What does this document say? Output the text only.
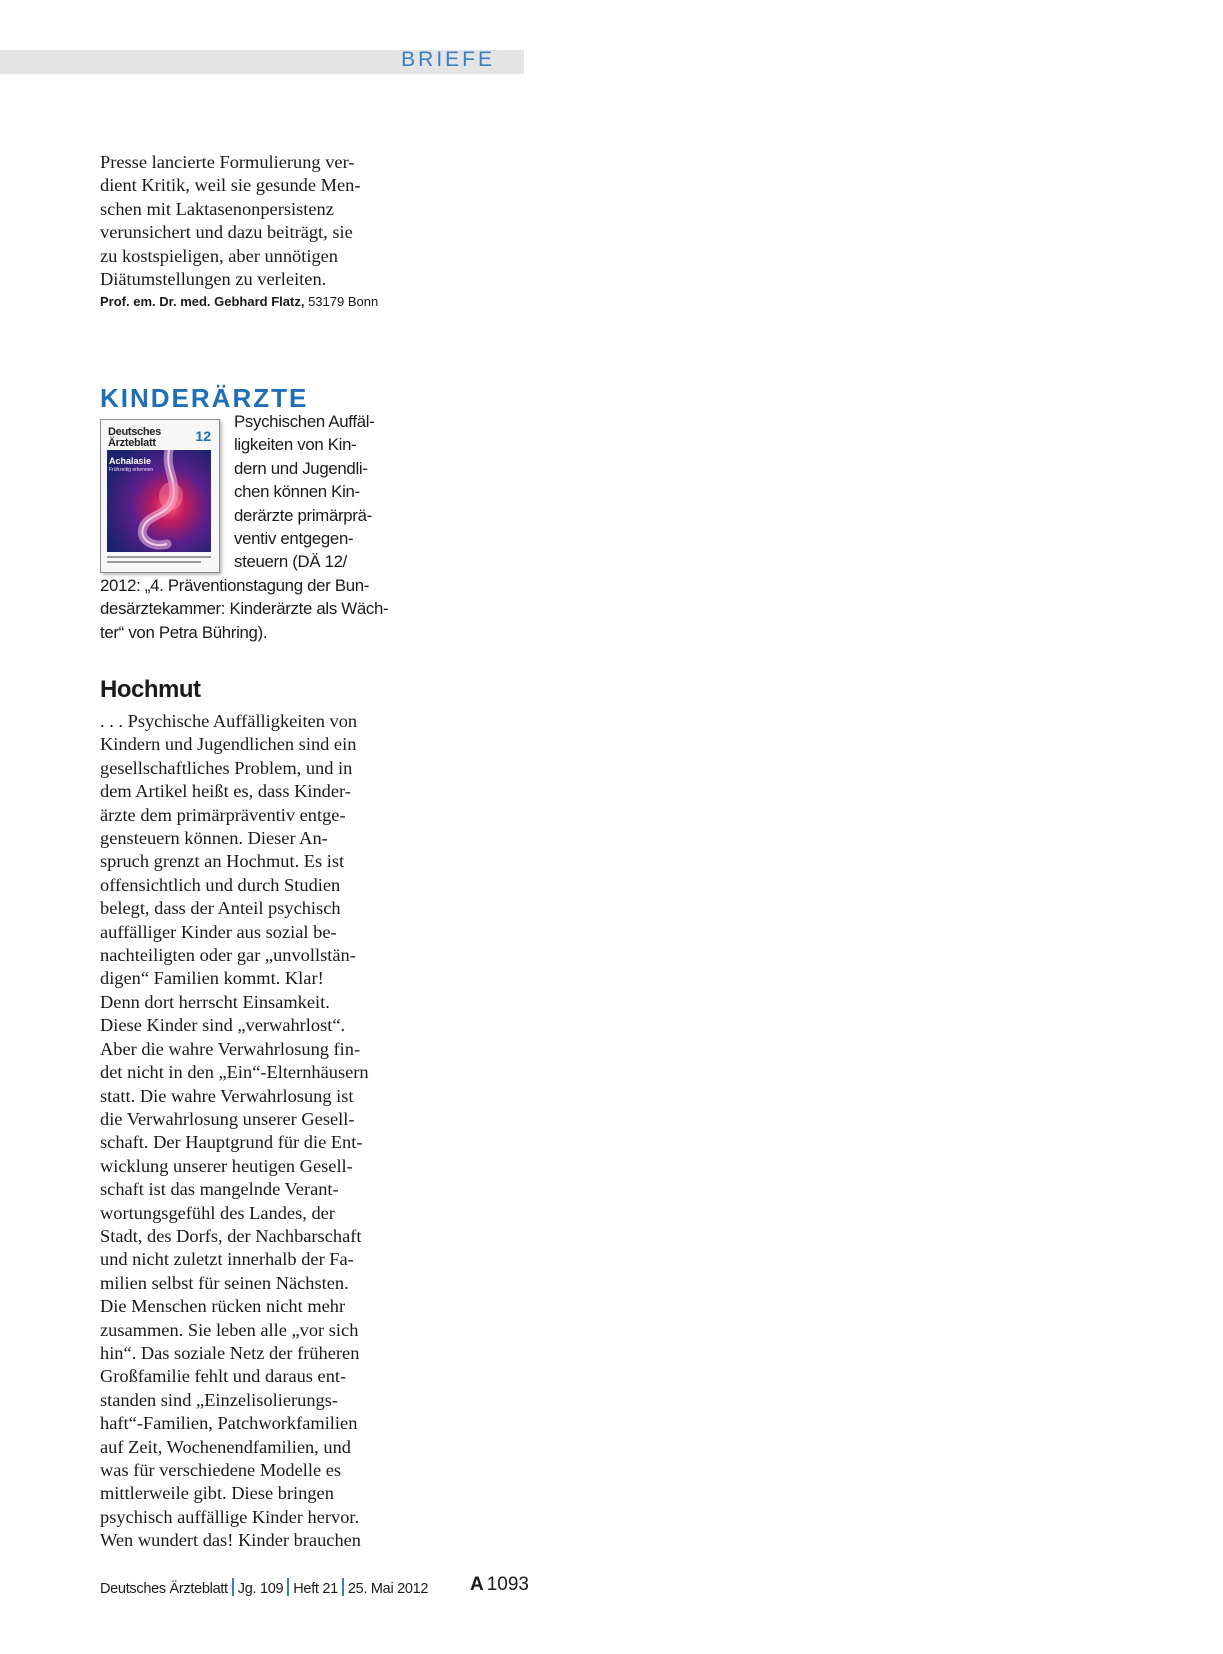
BRIEFE
Presse lancierte Formulierung ver-
dient Kritik, weil sie gesunde Men-
schen mit Laktasenonpersistenz
verunsichert und dazu beiträgt, sie
zu kostspieligen, aber unnötigen
Diätumstellungen zu verleiten.
Prof. em. Dr. med. Gebhard Flatz, 53179 Bonn
KINDERÄRZTE
Deutsches
Ärzteblatt	12
Achalasie
Frühzeitig erkennen
Psychischen Auffäl-
ligkeiten von Kin-
dern und Jugendli-
chen können Kin-
derärzte primärprä-
ventiv entgegen-
steuern (DÄ 12/
2012: „4. Präventionstagung der Bun-
desärztekammer: Kinderärzte als Wäch-
ter“ von Petra Bühring).
Hochmut
. . . Psychische Auffälligkeiten von
Kindern und Jugendlichen sind ein
gesellschaftliches Problem, und in
dem Artikel heißt es, dass Kinder-
ärzte dem primärpräventiv entge-
gensteuern können. Dieser An-
spruch grenzt an Hochmut. Es ist
offensichtlich und durch Studien
belegt, dass der Anteil psychisch
auffälliger Kinder aus sozial be-
nachteiligten oder gar „unvollstän-
digen“ Familien kommt. Klar!
Denn dort herrscht Einsamkeit.
Diese Kinder sind „verwahrlost“.
Aber die wahre Verwahrlosung fin-
det nicht in den „Ein“-Elternhäusern
statt. Die wahre Verwahrlosung ist
die Verwahrlosung unserer Gesell-
schaft. Der Hauptgrund für die Ent-
wicklung unserer heutigen Gesell-
schaft ist das mangelnde Verant-
wortungsgefühl des Landes, der
Stadt, des Dorfs, der Nachbarschaft
und nicht zuletzt innerhalb der Fa-
milien selbst für seinen Nächsten.
Die Menschen rücken nicht mehr
zusammen. Sie leben alle „vor sich
hin“. Das soziale Netz der früheren
Großfamilie fehlt und daraus ent-
standen sind „Einzelisolierungs-
haft“-Familien, Patchworkfamilien
auf Zeit, Wochenendfamilien, und
was für verschiedene Modelle es
mittlerweile gibt. Diese bringen
psychisch auffällige Kinder hervor.
Wen wundert das! Kinder brauchen
Deutsches Ärzteblatt Jg. 109 Heft 21 25. Mai 2012 A 1093
